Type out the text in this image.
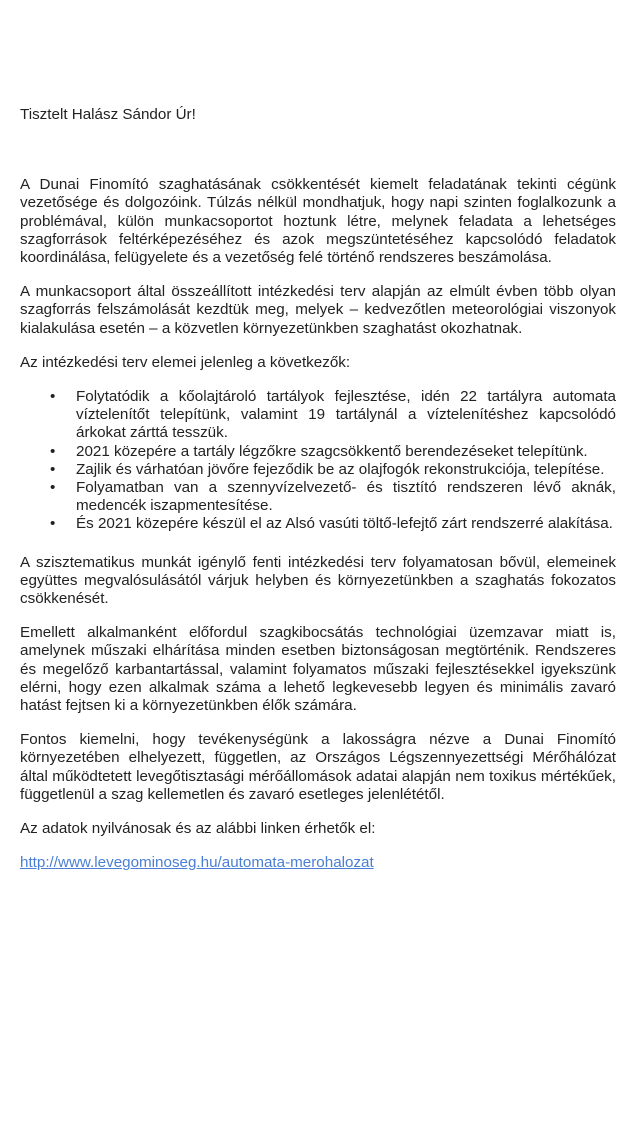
Tisztelt Halász Sándor Úr!

A Dunai Finomító szaghatásának csökkentését kiemelt feladatának tekinti cégünk vezetősége és dolgozóink. Túlzás nélkül mondhatjuk, hogy napi szinten foglalkozunk a problémával, külön munkacsoportot hoztunk létre, melynek feladata a lehetséges szagforrások feltérképezéséhez és azok megszüntetéséhez kapcsolódó feladatok koordinálása, felügyelete és a vezetőség felé történő rendszeres beszámolása.

A munkacsoport által összeállított intézkedési terv alapján az elmúlt évben több olyan szagforrás felszámolását kezdtük meg, melyek – kedvezőtlen meteorológiai viszonyok kialakulása esetén – a közvetlen környezetünkben szaghatást okozhatnak.

Az intézkedési terv elemei jelenleg a következők:

• Folytatódik a kőolajtároló tartályok fejlesztése, idén 22 tartályra automata víztelenítőt telepítünk, valamint 19 tartálynál a víztelenítéshez kapcsolódó árkokat zárttá tesszük.
• 2021 közepére a tartály légzőkre szagcsökkentő berendezéseket telepítünk.
• Zajlik és várhatóan jövőre fejeződik be az olajfogók rekonstrukciója, telepítése.
• Folyamatban van a szennyvízelvezető- és tisztító rendszeren lévő aknák, medencék iszapmentesítése.
• És 2021 közepére készül el az Alsó vasúti töltő-lefejtő zárt rendszerré alakítása.

A szisztematikus munkát igénylő fenti intézkedési terv folyamatosan bővül, elemeinek együttes megvalósulásától várjuk helyben és környezetünkben a szaghatás fokozatos csökkenését.

Emellett alkalmanként előfordul szagkibocsátás technológiai üzemzavar miatt is, amelynek műszaki elhárítása minden esetben biztonságosan megtörténik. Rendszeres és megelőző karbantartással, valamint folyamatos műszaki fejlesztésekkel igyekszünk elérni, hogy ezen alkalmak száma a lehető legkevesebb legyen és minimális zavaró hatást fejtsen ki a környezetünkben élők számára.

Fontos kiemelni, hogy tevékenységünk a lakosságra nézve a Dunai Finomító környezetében elhelyezett, független, az Országos Légszennyezettségi Mérőhálózat által működtetett levegőtisztasági mérőállomások adatai alapján nem toxikus mértékűek, függetlenül a szag kellemetlen és zavaró esetleges jelenlététől.

Az adatok nyilvánosak és az alábbi linken érhetők el:

http://www.levegominoseg.hu/automata-merohalozat
